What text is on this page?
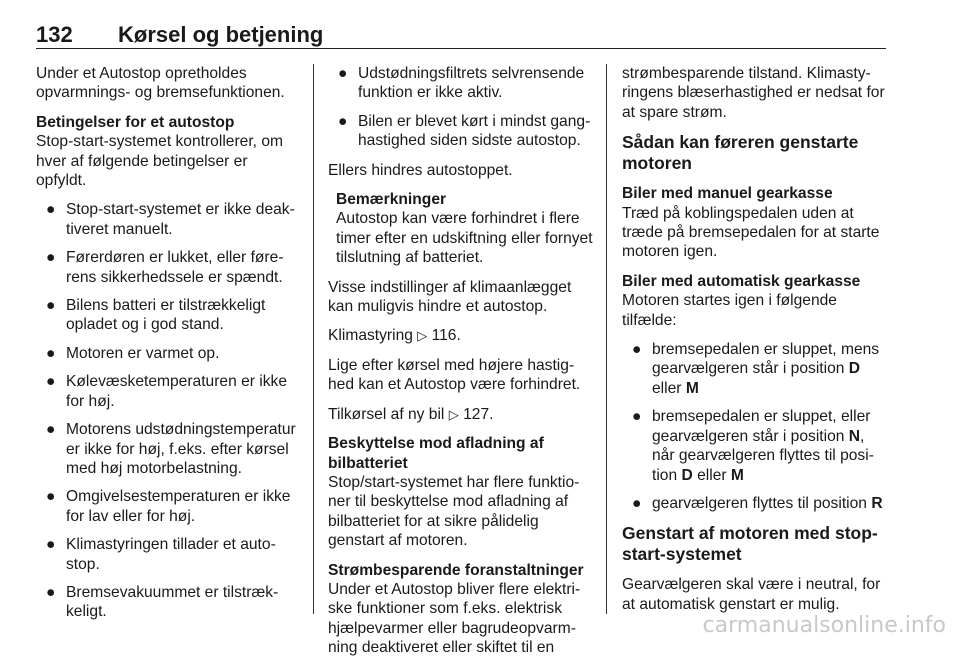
132 Kørsel og betjening

Under et Autostop opretholdes opvarmnings- og bremsefunktionen.

Betingelser for et autostop

Stop-start-systemet kontrollerer, om hver af følgende betingelser er opfyldt.

● Stop-start-systemet er ikke deaktiveret manuelt.
● Førerdøren er lukket, eller førerens sikkerhedssele er spændt.
● Bilens batteri er tilstrækkeligt opladet og i god stand.
● Motoren er varmet op.
● Kølevæsketemperaturen er ikke for høj.
● Motorens udstødningstemperatur er ikke for høj, f.eks. efter kørsel med høj motorbelastning.
● Omgivelsestemperaturen er ikke for lav eller for høj.
● Klimastyringen tillader et autostop.
● Bremsevakuummet er tilstrækkeligt.
● Udstødningsfiltrets selvrensende funktion er ikke aktiv.
● Bilen er blevet kørt i mindst ganghastighed siden sidste autostop.

Ellers hindres autostoppet.

Bemærkninger
Autostop kan være forhindret i flere timer efter en udskiftning eller fornyet tilslutning af batteriet.

Visse indstillinger af klimaanlægget kan muligvis hindre et autostop.

Klimastyring ▷ 116.

Lige efter kørsel med højere hastighed kan et Autostop være forhindret.

Tilkørsel af ny bil ▷ 127.

Beskyttelse mod afladning af bilbatteriet

Stop/start-systemet har flere funktioner til beskyttelse mod afladning af bilbatteriet for at sikre pålidelig genstart af motoren.

Strømbesparende foranstaltninger

Under et Autostop bliver flere elektriske funktioner som f.eks. elektrisk hjælpevarmer eller bagrudeopvarmning deaktiveret eller skiftet til en

strømbesparende tilstand. Klimastyringens blæserhastighed er nedsat for at spare strøm.

Sådan kan føreren genstarte motoren

Biler med manuel gearkasse

Træd på koblingspedalen uden at træde på bremsepedalen for at starte motoren igen.

Biler med automatisk gearkasse

Motoren startes igen i følgende tilfælde:

● bremsepedalen er sluppet, mens gearvælgeren står i position D eller M
● bremsepedalen er sluppet, eller gearvælgeren står i position N, når gearvælgeren flyttes til position D eller M
● gearvælgeren flyttes til position R
Genstart af motoren med stop-start-systemet

Gearvælgeren skal være i neutral, for at automatisk genstart er mulig.

carmanualsonline.info
